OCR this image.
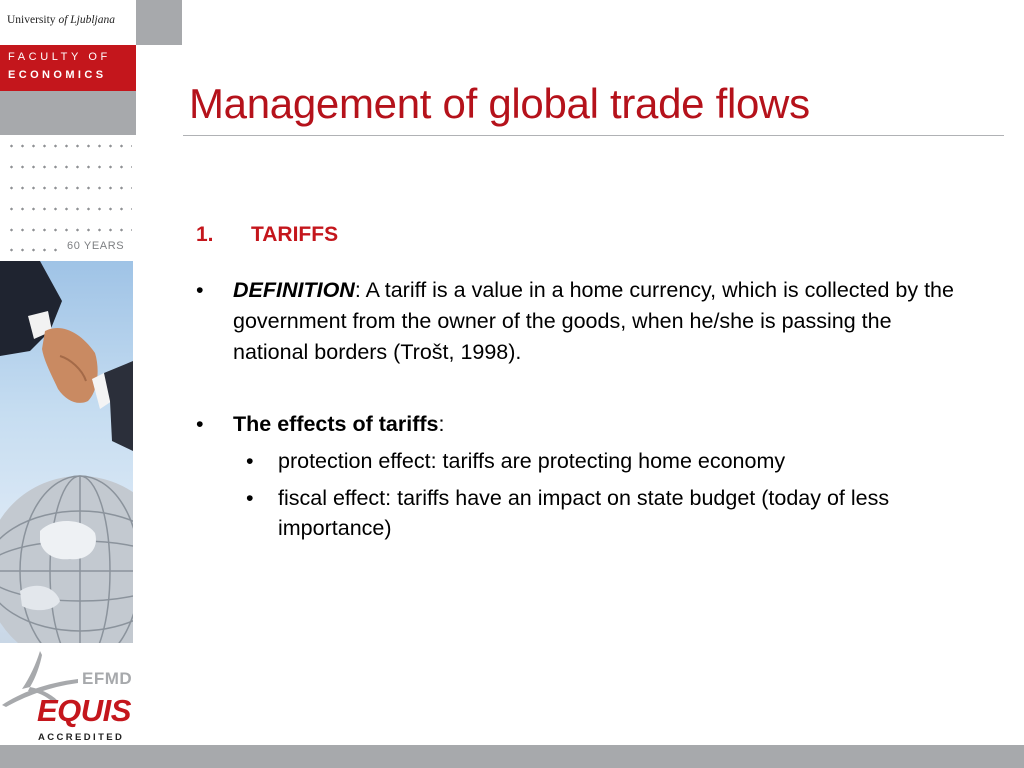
University of Ljubljana
FACULTY OF
ECONOMICS
60 YEARS
EFMD
EQUIS
ACCREDITED
Management of global trade flows
1. TARIFFS
• DEFINITION: A tariff is a value in a home currency, which is collected by the government from the owner of the goods, when he/she is passing the national borders (Trošt, 1998).
• The effects of tariffs:
• protection effect: tariffs are protecting home economy
• fiscal effect: tariffs have an impact on state budget (today of less importance)
